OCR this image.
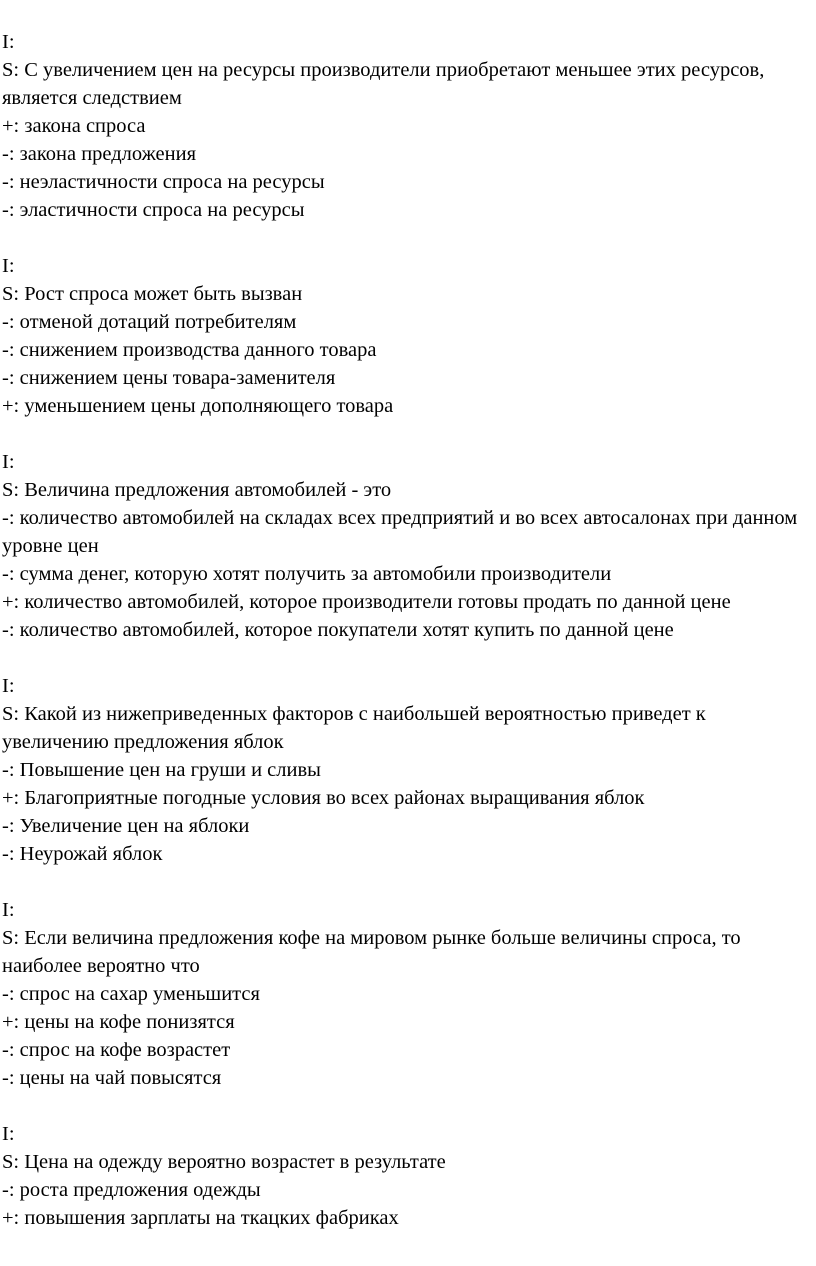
I:
S: С увеличением цен на ресурсы производители приобретают меньшее этих ресурсов, является следствием
+: закона спроса
-: закона предложения
-: неэластичности спроса на ресурсы
-: эластичности спроса на ресурсы
I:
S: Рост спроса может быть вызван
-: отменой дотаций потребителям
-: снижением производства данного товара
-: снижением цены товара-заменителя
+: уменьшением цены дополняющего товара
I:
S: Величина предложения автомобилей - это
-: количество автомобилей на складах всех предприятий и во всех автосалонах при данном уровне цен
-: сумма денег, которую хотят получить за автомобили производители
+: количество автомобилей, которое производители готовы продать по данной цене
-: количество автомобилей, которое покупатели хотят купить по данной цене
I:
S: Какой из нижеприведенных факторов с наибольшей вероятностью приведет к увеличению предложения яблок
-: Повышение цен на груши и сливы
+: Благоприятные погодные условия во всех районах выращивания яблок
-: Увеличение цен на яблоки
-: Неурожай яблок
I:
S: Если величина предложения кофе на мировом рынке больше величины спроса, то наиболее вероятно что
-: спрос на сахар уменьшится
+: цены на кофе понизятся
-: спрос на кофе возрастет
-: цены на чай повысятся
I:
S: Цена на одежду вероятно возрастет в результате
-: роста предложения одежды
+: повышения зарплаты на ткацких фабриках
